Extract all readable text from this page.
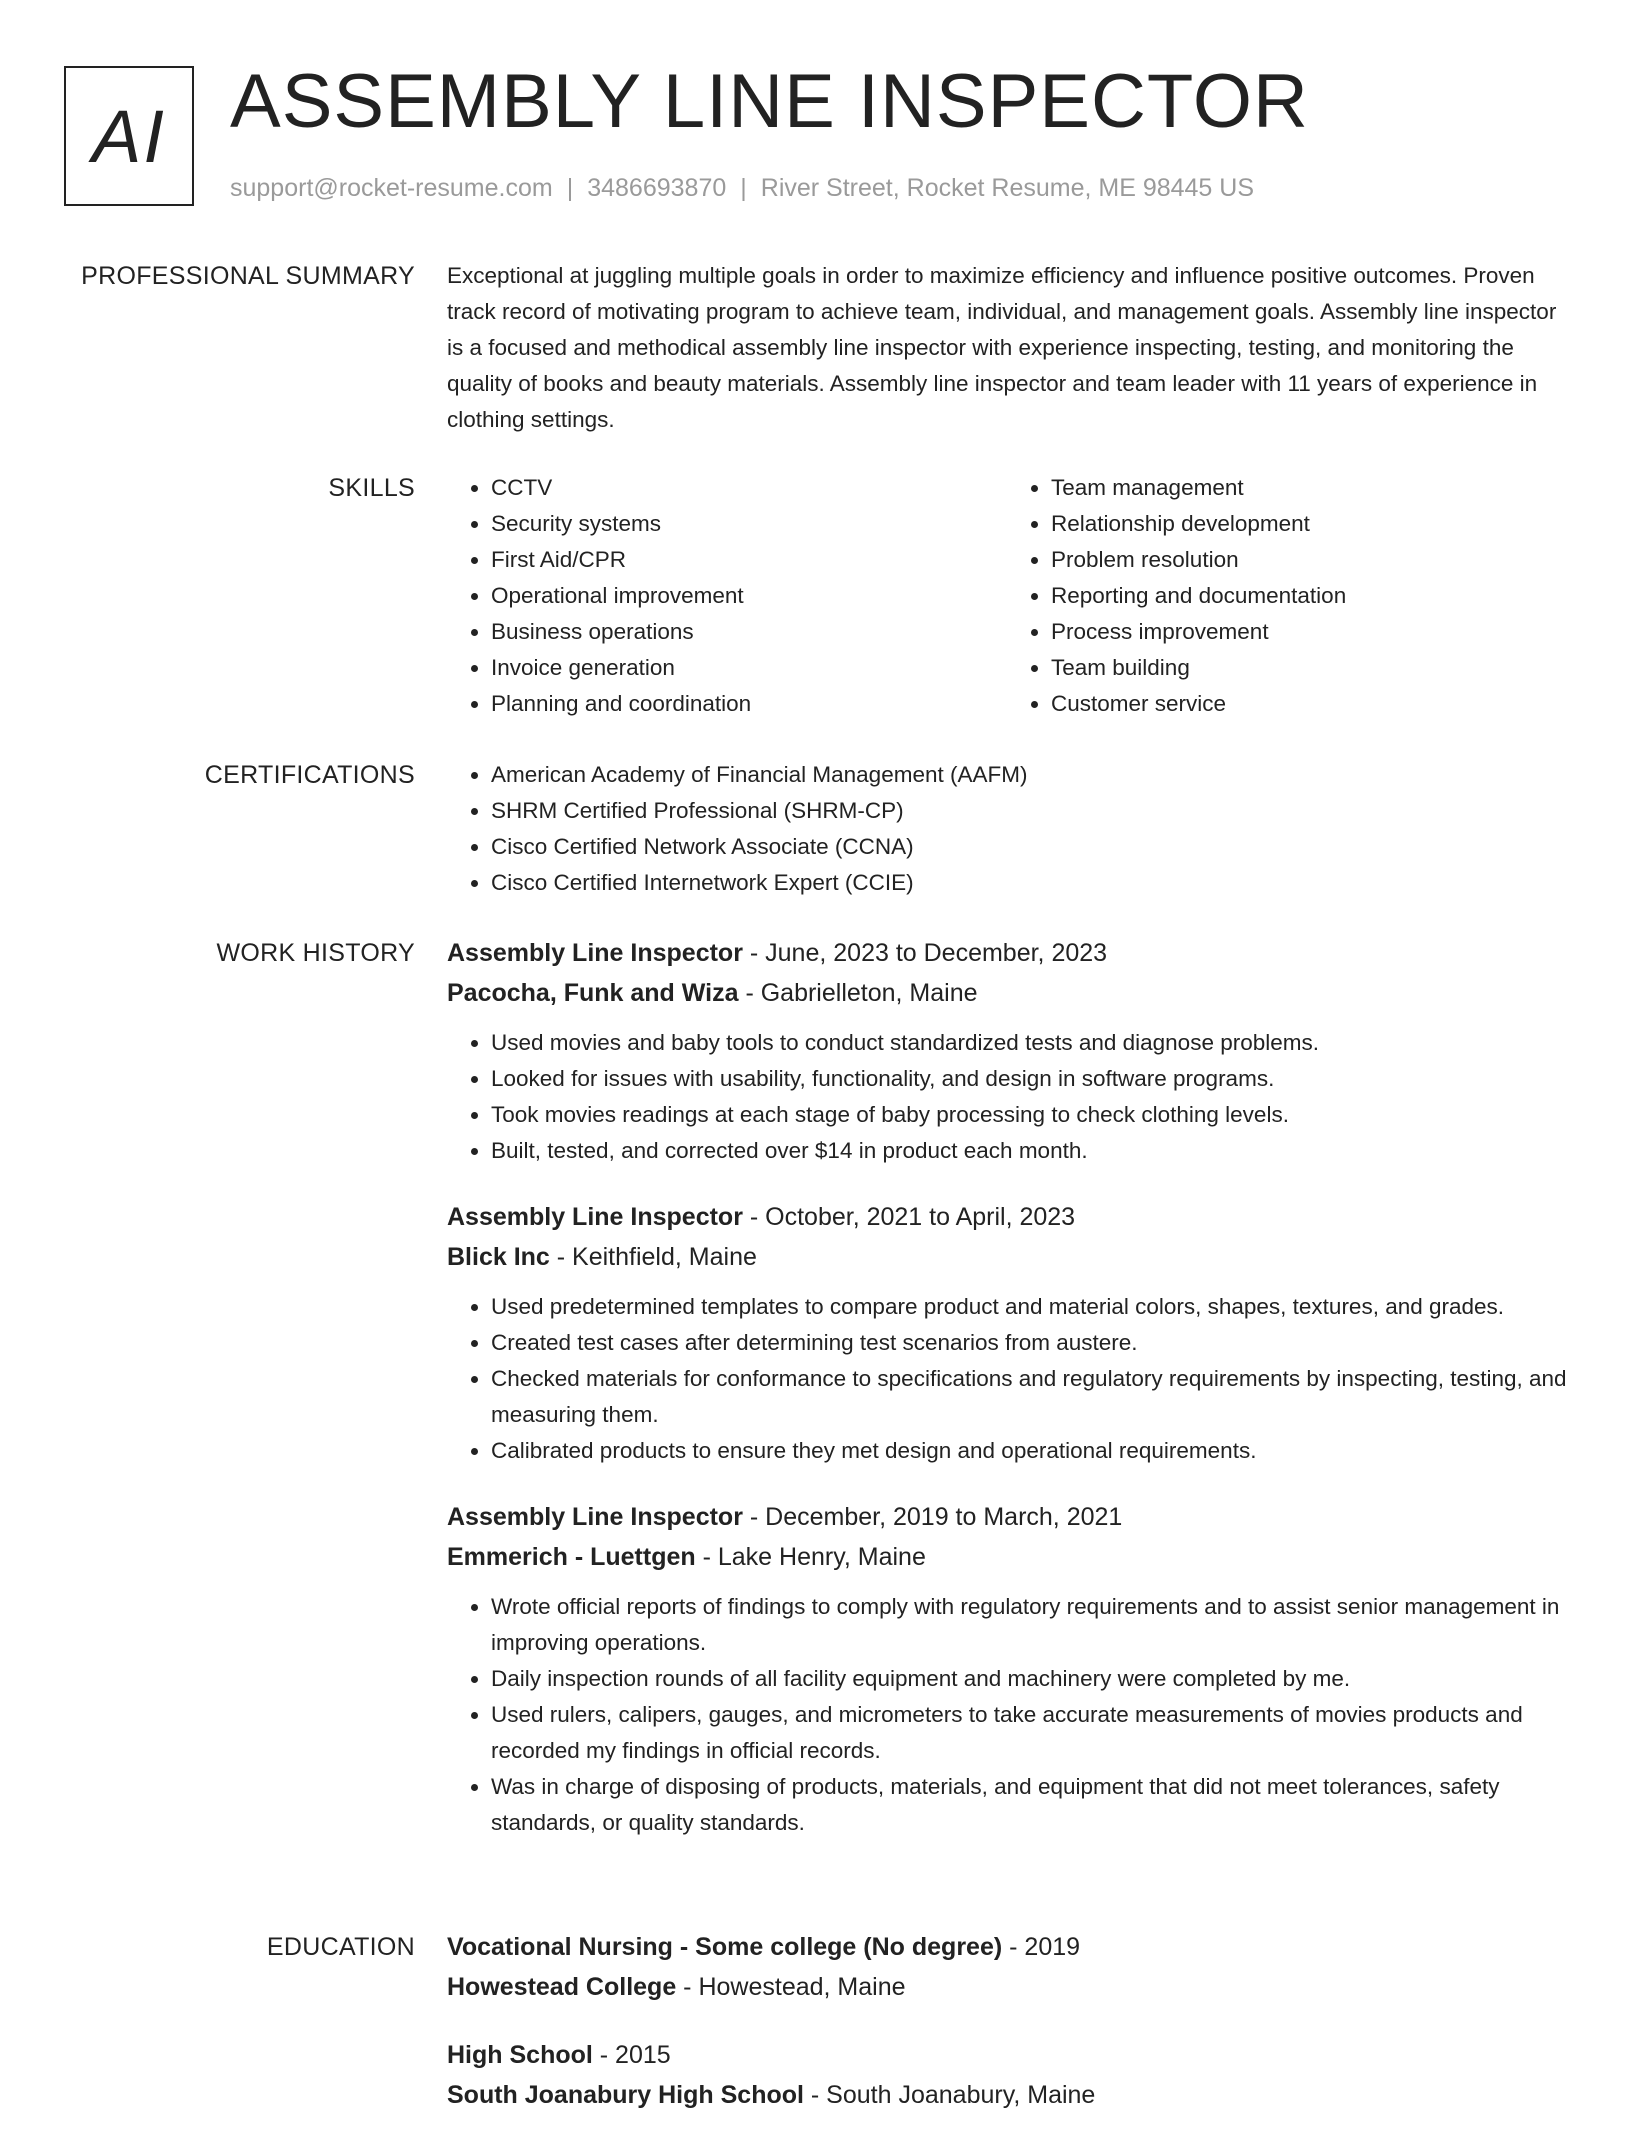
AI ASSEMBLY LINE INSPECTOR
support@rocket-resume.com | 3486693870 | River Street, Rocket Resume, ME 98445 US
PROFESSIONAL SUMMARY Exceptional at juggling multiple goals in order to maximize efficiency and influence positive outcomes. Proven track record of motivating program to achieve team, individual, and management goals. Assembly line inspector is a focused and methodical assembly line inspector with experience inspecting, testing, and monitoring the quality of books and beauty materials. Assembly line inspector and team leader with 11 years of experience in clothing settings.

SKILLS	• CCTV
• Security systems
• First Aid/CPR
• Operational improvement
• Business operations
• Invoice generation
• Planning and coordination
• Team management
• Relationship development
• Problem resolution
• Reporting and documentation
• Process improvement
• Team building
• Customer service
CERTIFICATIONS	• American Academy of Financial Management (AAFM)
• SHRM Certified Professional (SHRM-CP)
• Cisco Certified Network Associate (CCNA)
• Cisco Certified Internetwork Expert (CCIE)
WORK HISTORY Assembly Line Inspector - June, 2023 to December, 2023
Pacocha, Funk and Wiza - Gabrielleton, Maine
• Used movies and baby tools to conduct standardized tests and diagnose problems.
• Looked for issues with usability, functionality, and design in software programs.
• Took movies readings at each stage of baby processing to check clothing levels.
• Built, tested, and corrected over $14 in product each month.
Assembly Line Inspector - October, 2021 to April, 2023
Blick Inc - Keithfield, Maine
• Used predetermined templates to compare product and material colors, shapes, textures, and grades.
• Created test cases after determining test scenarios from austere.
• Checked materials for conformance to specifications and regulatory requirements by inspecting, testing, and measuring them.
• Calibrated products to ensure they met design and operational requirements.
Assembly Line Inspector - December, 2019 to March, 2021
Emmerich - Luettgen - Lake Henry, Maine
• Wrote official reports of findings to comply with regulatory requirements and to assist senior management in improving operations.
• Daily inspection rounds of all facility equipment and machinery were completed by me.
• Used rulers, calipers, gauges, and micrometers to take accurate measurements of movies products and recorded my findings in official records.
• Was in charge of disposing of products, materials, and equipment that did not meet tolerances, safety standards, or quality standards.
EDUCATION Vocational Nursing - Some college (No degree) - 2019
Howestead College - Howestead, Maine
High School - 2015
South Joanabury High School - South Joanabury, Maine
